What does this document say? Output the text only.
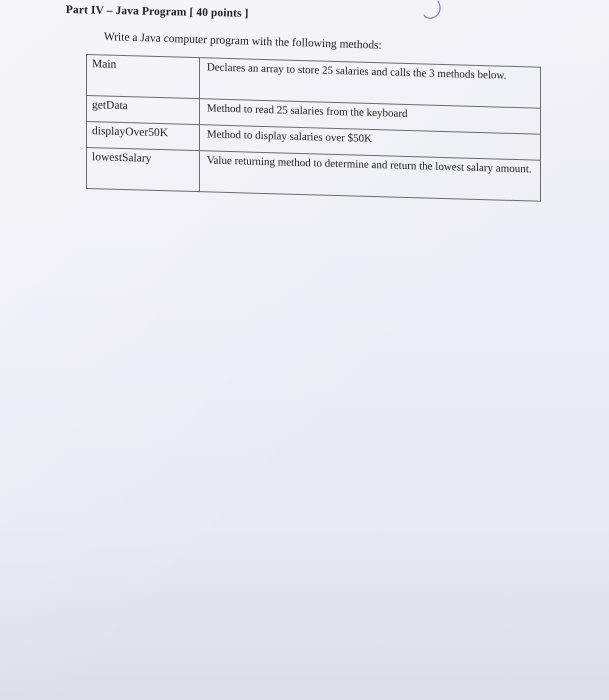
Part IV – Java Program [ 40 points ]
Write a Java computer program with the following methods:
Main	Declares an array to store 25 salaries and calls the 3 methods below.
getData	Method to read 25 salaries from the keyboard
displayOver50K	Method to display salaries over $50K
lowestSalary	Value returning method to determine and return the lowest salary amount.
